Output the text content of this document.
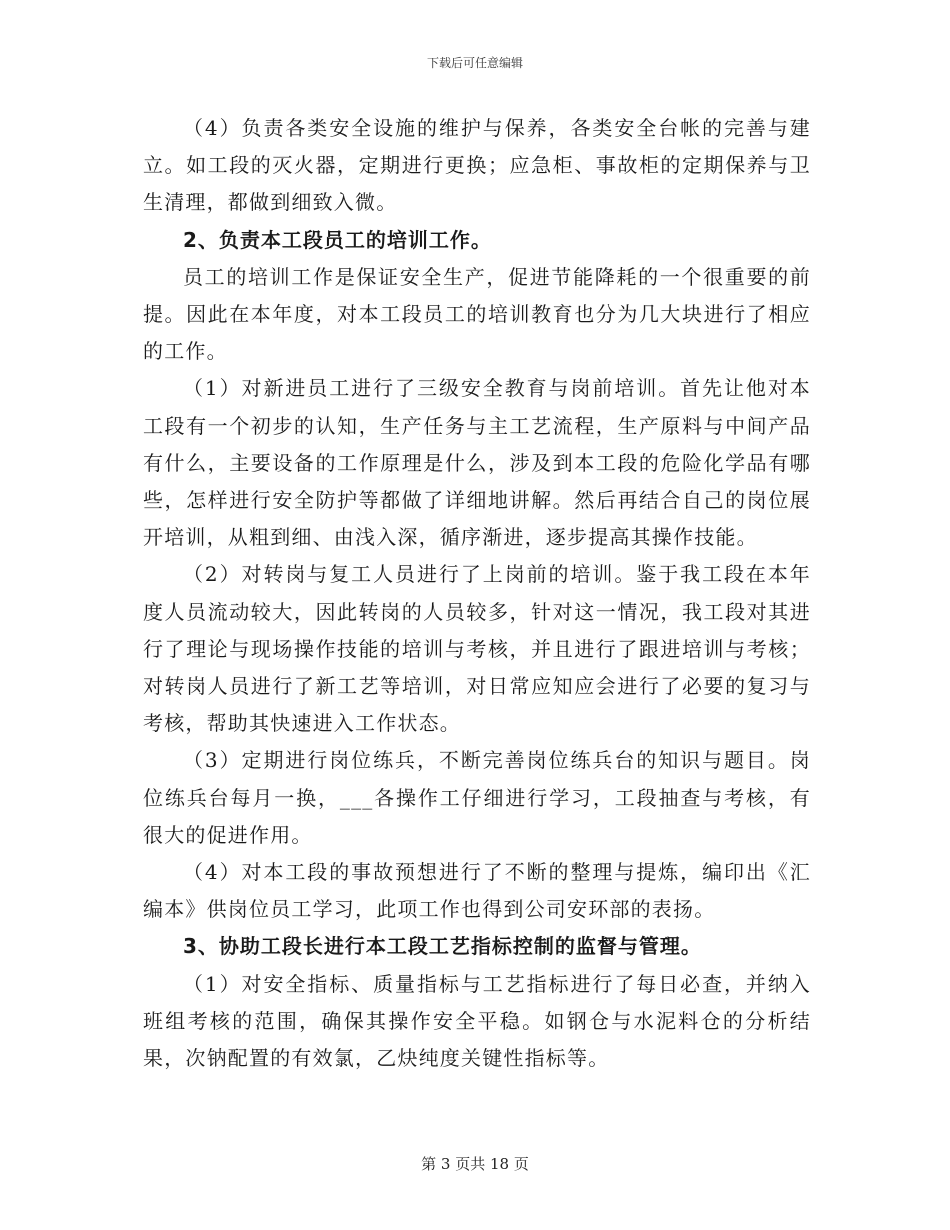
下载后可任意编辑

（4）负责各类安全设施的维护与保养，各类安全台帐的完善与建立。如工段的灭火器，定期进行更换；应急柜、事故柜的定期保养与卫生清理，都做到细致入微。

2、负责本工段员工的培训工作。

员工的培训工作是保证安全生产，促进节能降耗的一个很重要的前提。因此在本年度，对本工段员工的培训教育也分为几大块进行了相应的工作。

（1）对新进员工进行了三级安全教育与岗前培训。首先让他对本工段有一个初步的认知，生产任务与主工艺流程，生产原料与中间产品有什么，主要设备的工作原理是什么，涉及到本工段的危险化学品有哪些，怎样进行安全防护等都做了详细地讲解。然后再结合自己的岗位展开培训，从粗到细、由浅入深，循序渐进，逐步提高其操作技能。

（2）对转岗与复工人员进行了上岗前的培训。鉴于我工段在本年度人员流动较大，因此转岗的人员较多，针对这一情况，我工段对其进行了理论与现场操作技能的培训与考核，并且进行了跟进培训与考核；对转岗人员进行了新工艺等培训，对日常应知应会进行了必要的复习与考核，帮助其快速进入工作状态。

（3）定期进行岗位练兵，不断完善岗位练兵台的知识与题目。岗位练兵台每月一换，___各操作工仔细进行学习，工段抽查与考核，有很大的促进作用。

（4）对本工段的事故预想进行了不断的整理与提炼，编印出《汇编本》供岗位员工学习，此项工作也得到公司安环部的表扬。

3、协助工段长进行本工段工艺指标控制的监督与管理。

（1）对安全指标、质量指标与工艺指标进行了每日必查，并纳入班组考核的范围，确保其操作安全平稳。如钢仓与水泥料仓的分析结果，次钠配置的有效氯，乙炔纯度关键性指标等。

第 3 页共 18 页
